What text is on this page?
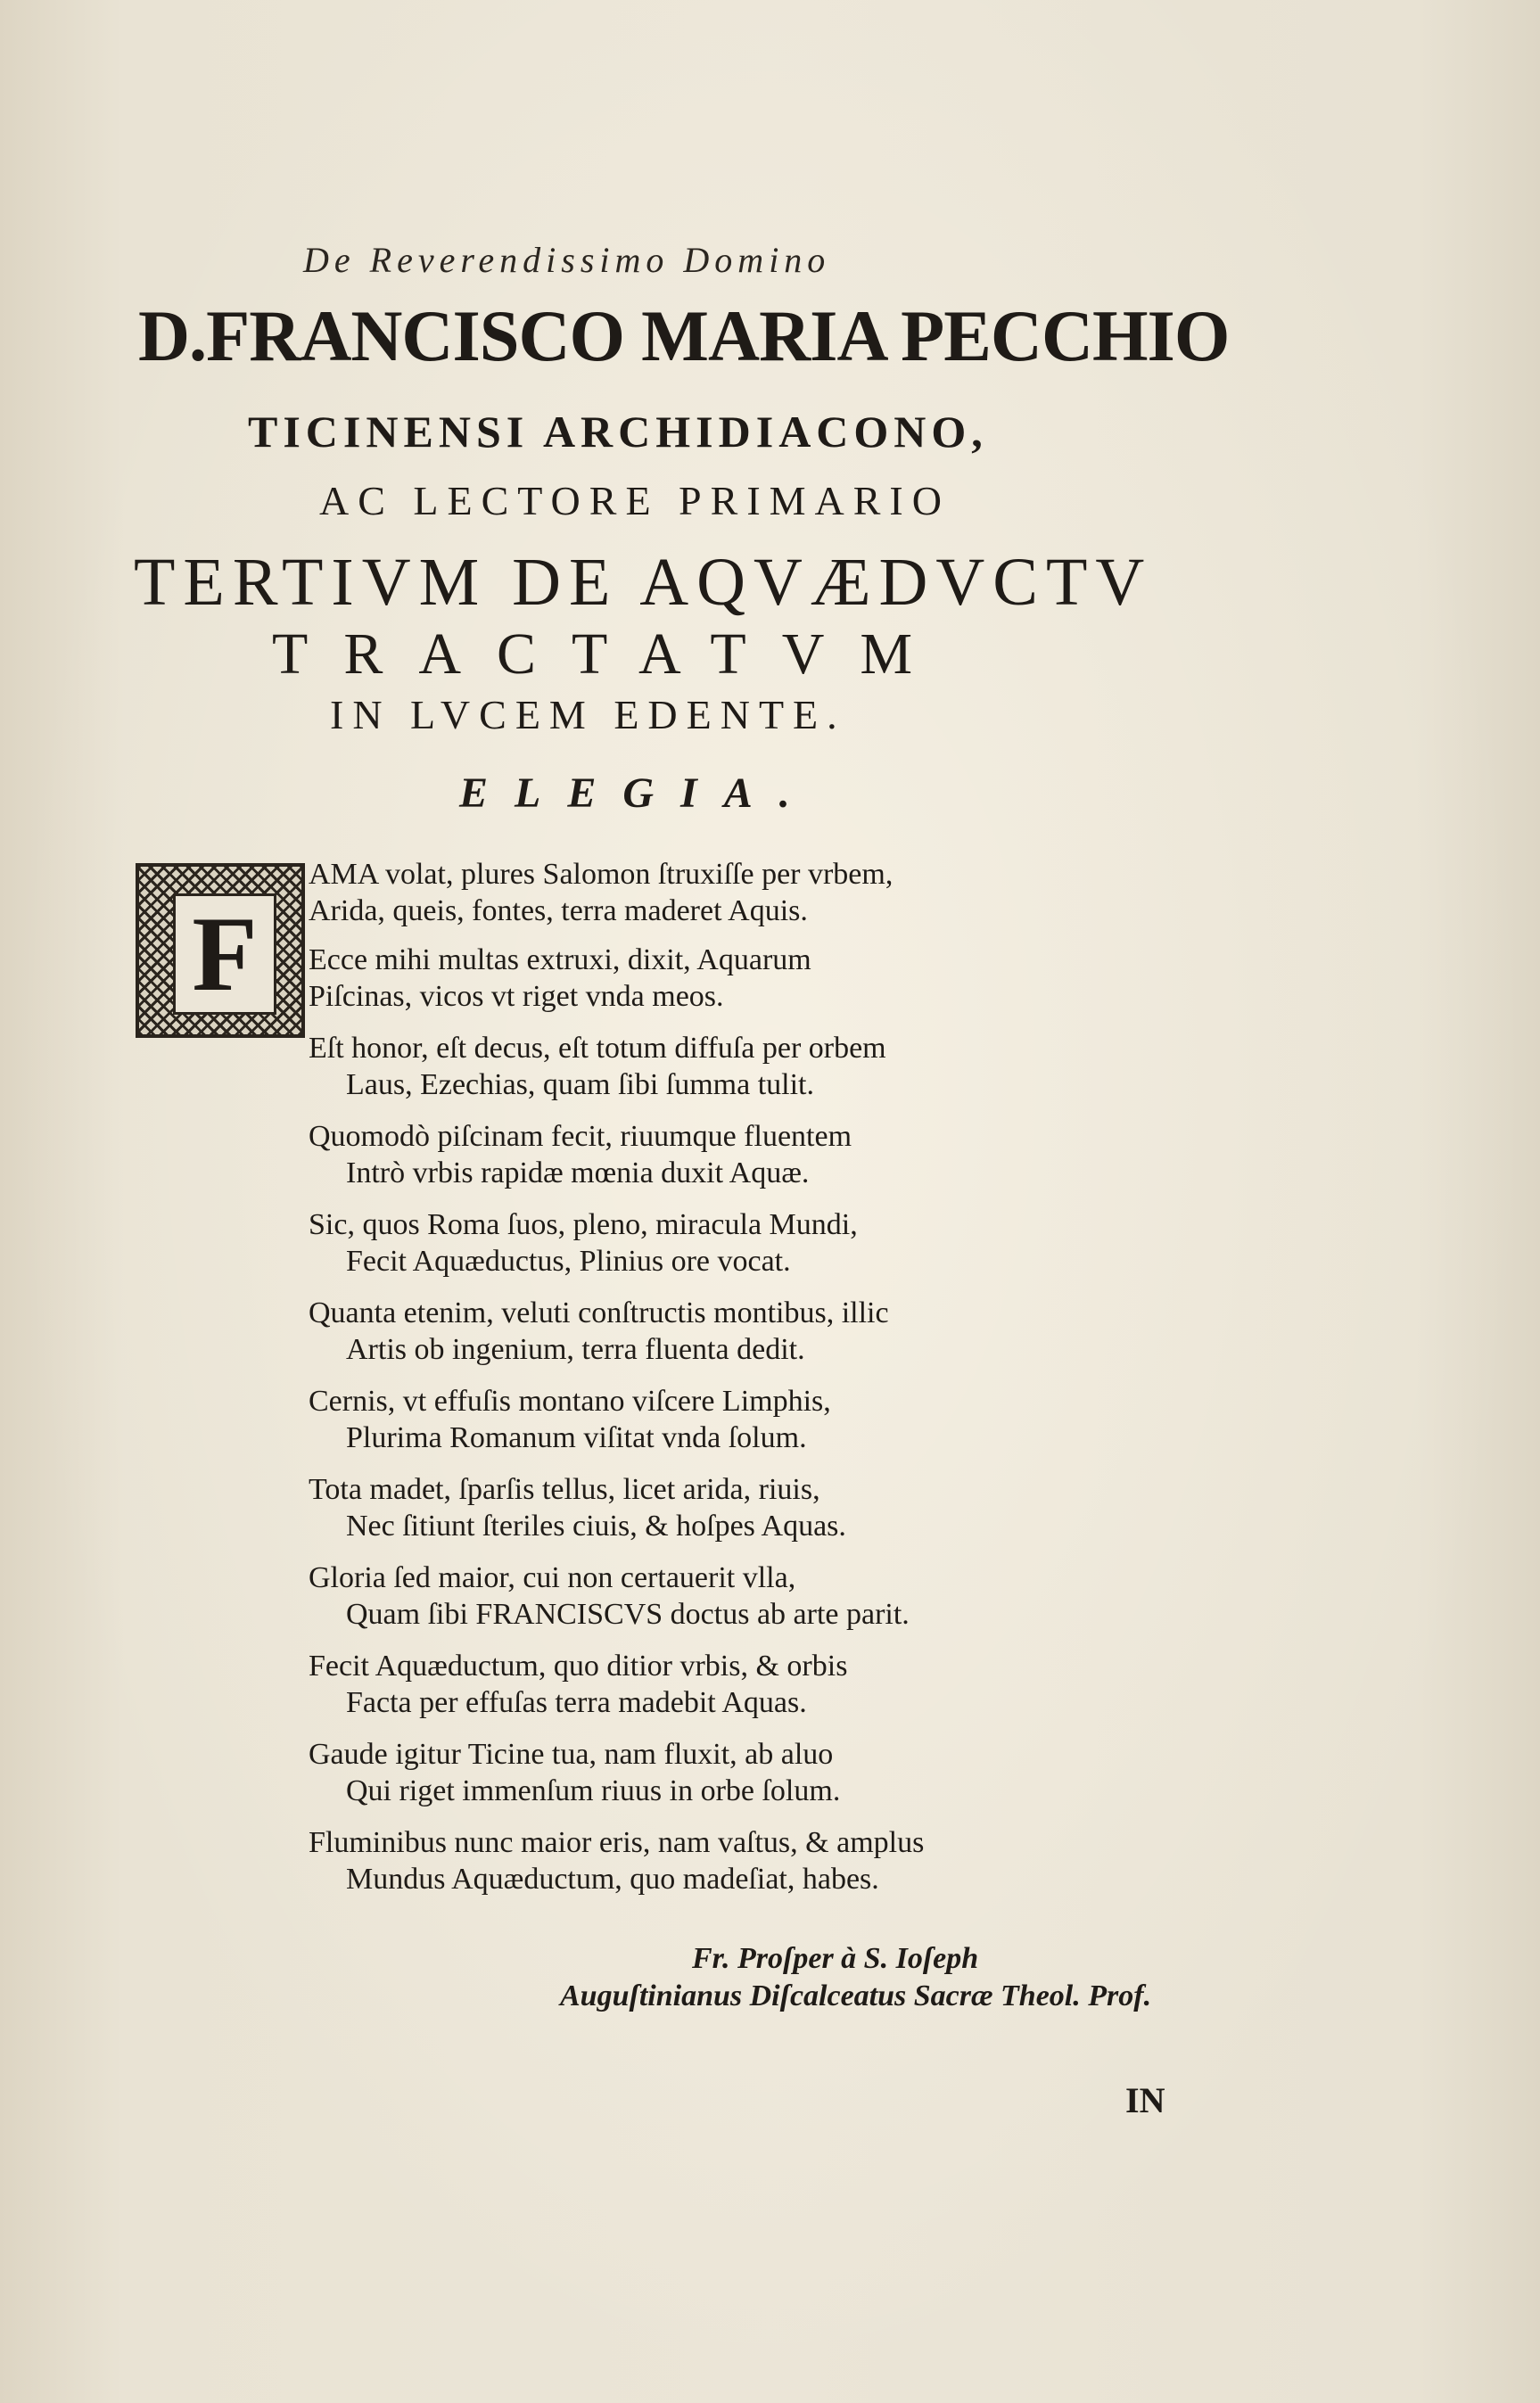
De Reverendissimo Domino
D.FRANCISCO MARIA PECCHIO
TICINENSI ARCHIDIACONO,
AC LECTORE PRIMARIO
TERTIVM DE AQVÆDVCTV
TRACTATVM
IN LVCEM EDENTE.
ELEGIA.
F
AMA volat, plures Salomon ſtruxiſſe per vrbem,
Arida, queis, fontes, terra maderet Aquis.
Ecce mihi multas extruxi, dixit, Aquarum
Piſcinas, vicos vt riget vnda meos.
Eſt honor, eſt decus, eſt totum diffuſa per orbem
Laus, Ezechias, quam ſibi ſumma tulit.
Quomodò piſcinam fecit, riuumque fluentem
Intrò vrbis rapidæ mœnia duxit Aquæ.
Sic, quos Roma ſuos, pleno, miracula Mundi,
Fecit Aquæductus, Plinius ore vocat.
Quanta etenim, veluti conſtructis montibus, illic
Artis ob ingenium, terra fluenta dedit.
Cernis, vt effuſis montano viſcere Limphis,
Plurima Romanum viſitat vnda ſolum.
Tota madet, ſparſis tellus, licet arida, riuis,
Nec ſitiunt ſteriles ciuis, & hoſpes Aquas.
Gloria ſed maior, cui non certauerit vlla,
Quam ſibi FRANCISCVS doctus ab arte parit.
Fecit Aquæductum, quo ditior vrbis, & orbis
Facta per effuſas terra madebit Aquas.
Gaude igitur Ticine tua, nam fluxit, ab aluo
Qui riget immenſum riuus in orbe ſolum.
Fluminibus nunc maior eris, nam vaſtus, & amplus
Mundus Aquæductum, quo madeſiat, habes.
Fr. Proſper à S. Ioſeph
Auguſtinianus Diſcalceatus Sacræ Theol. Prof.
IN
